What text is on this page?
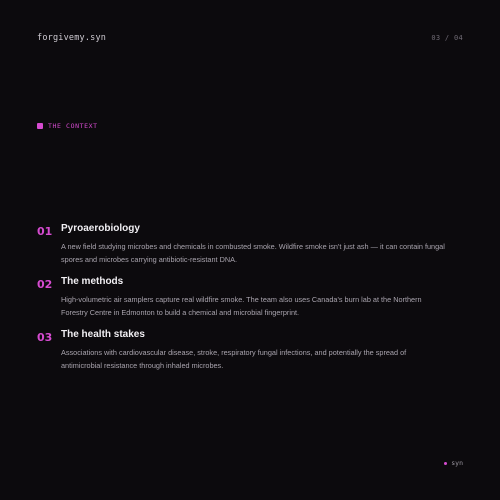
forgivemy.syn	03 / 04
THE CONTEXT
01 Pyroaerobiology
A new field studying microbes and chemicals in combusted smoke. Wildfire smoke isn't just ash — it can contain fungal spores and microbes carrying antibiotic-resistant DNA.
02 The methods
High-volumetric air samplers capture real wildfire smoke. The team also uses Canada's burn lab at the Northern Forestry Centre in Edmonton to build a chemical and microbial fingerprint.
03 The health stakes
Associations with cardiovascular disease, stroke, respiratory fungal infections, and potentially the spread of antimicrobial resistance through inhaled microbes.
syn
